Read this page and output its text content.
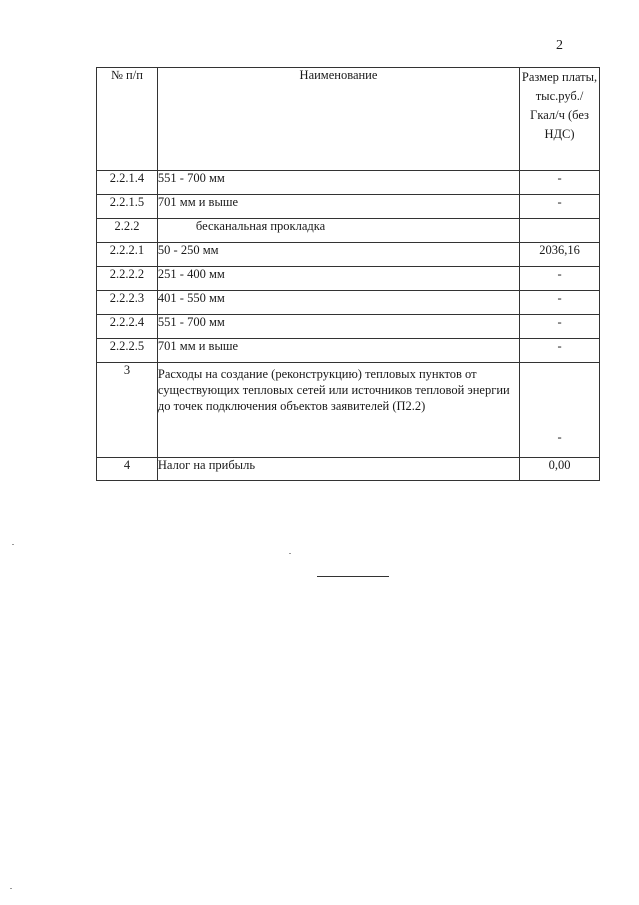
2
№ п/п	Наименование	Размер платы, тыс.руб./ Гкал/ч (без НДС)
2.2.1.4	551 - 700 мм	-
2.2.1.5	701 мм и выше	-
2.2.2	бесканальная прокладка	
2.2.2.1	50 - 250 мм	2036,16
2.2.2.2	251 - 400 мм	-
2.2.2.3	401 - 550 мм	-
2.2.2.4	551 - 700 мм	-
2.2.2.5	701 мм и выше	-
3	Расходы на создание (реконструкцию) тепловых пунктов от существующих тепловых сетей или источников тепловой энергии до точек подключения объектов заявителей (П2.2)	-
4	Налог на прибыль	0,00
